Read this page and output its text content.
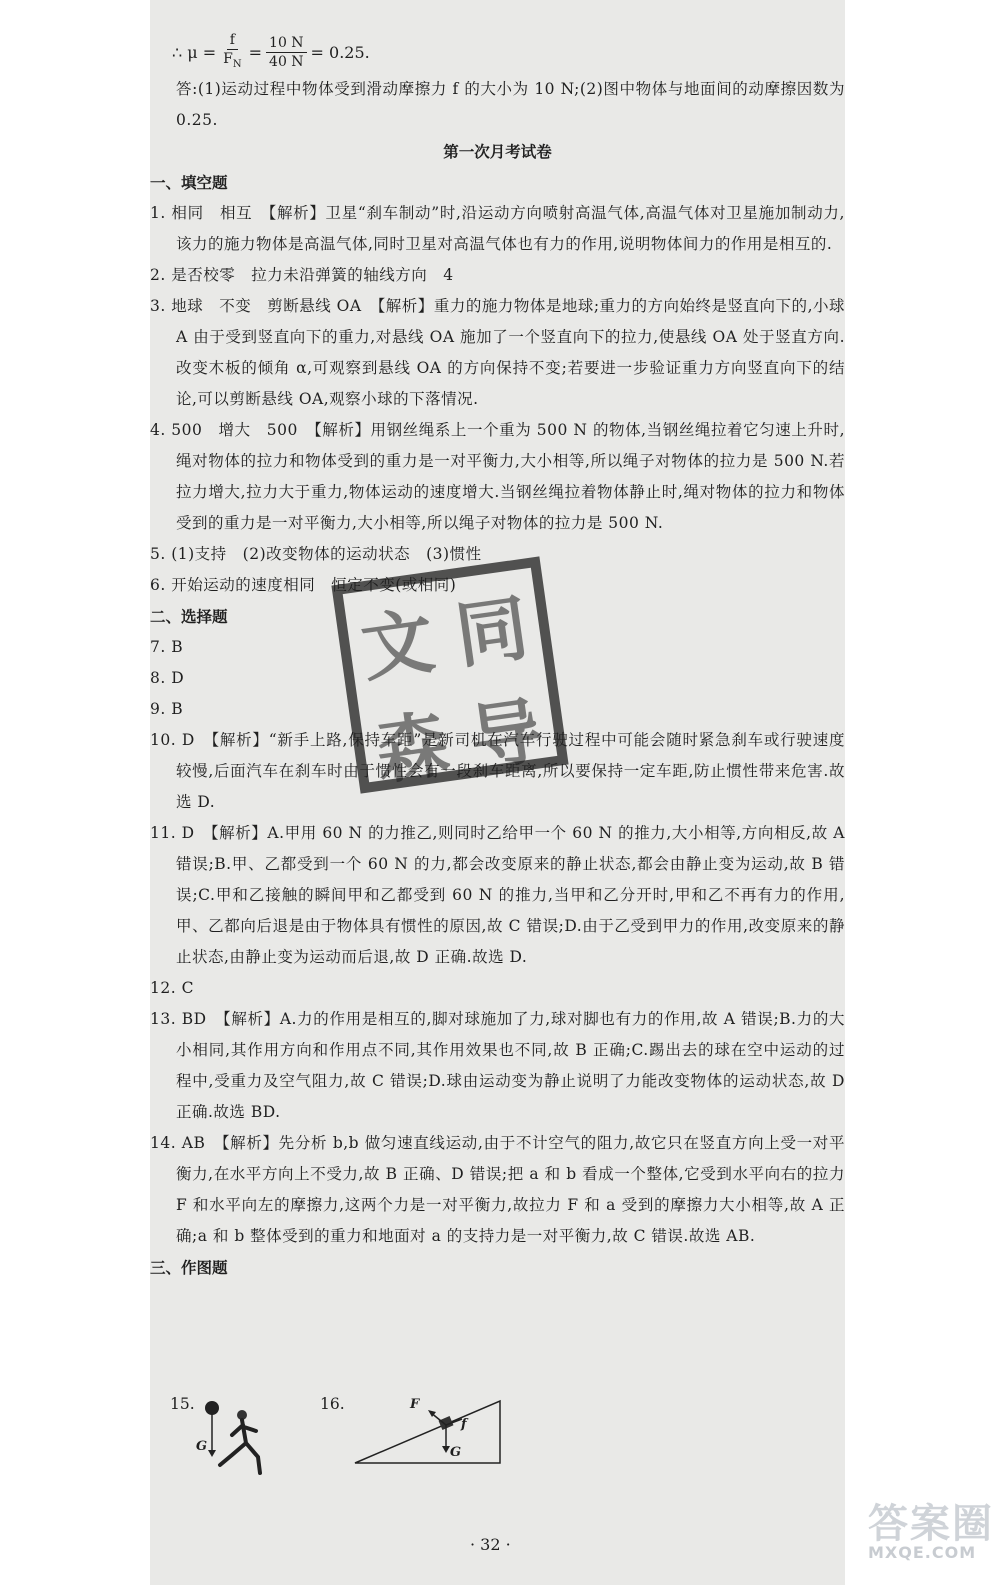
∴ $\mu = \frac{f}{F_N} = \frac{10 N}{40 N} = 0.25$.

答:(1)运动过程中物体受到滑动摩擦力 f 的大小为 10 N;(2)图中物体与地面间的动摩擦因数为 0.25.

第一次月考试卷
一、填空题

1. 相同　相互　【解析】卫星“刹车制动”时,沿运动方向喷射高温气体,高温气体对卫星施加制动力,该力的施力物体是高温气体,同时卫星对高温气体也有力的作用,说明物体间力的作用是相互的.

2. 是否校零　拉力未沿弹簧的轴线方向　4

3. 地球　不变　剪断悬线 OA　【解析】重力的施力物体是地球;重力的方向始终是竖直向下的,小球 A 由于受到竖直向下的重力,对悬线 OA 施加了一个竖直向下的拉力,使悬线 OA 处于竖直方向.改变木板的倾角 α,可观察到悬线 OA 的方向保持不变;若要进一步验证重力方向竖直向下的结论,可以剪断悬线 OA,观察小球的下落情况.

4. 500　增大　500　【解析】用钢丝绳系上一个重为 500 N 的物体,当钢丝绳拉着它匀速上升时,绳对物体的拉力和物体受到的重力是一对平衡力,大小相等,所以绳子对物体的拉力是 500 N.若拉力增大,拉力大于重力,物体运动的速度增大.当钢丝绳拉着物体静止时,绳对物体的拉力和物体受到的重力是一对平衡力,大小相等,所以绳子对物体的拉力是 500 N.

5. (1)支持　(2)改变物体的运动状态　(3)惯性

6. 开始运动的速度相同　恒定不变(或相同)

二、选择题

7. B

8. D

9. B

10. D　【解析】“新手上路,保持车距”是新司机在汽车行驶过程中可能会随时紧急刹车或行驶速度较慢,后面汽车在刹车时由于惯性会有一段刹车距离,所以要保持一定车距,防止惯性带来危害.故选 D.

11. D　【解析】A.甲用 60 N 的力推乙,则同时乙给甲一个 60 N 的推力,大小相等,方向相反,故 A 错误;B.甲、乙都受到一个 60 N 的力,都会改变原来的静止状态,都会由静止变为运动,故 B 错误;C.甲和乙接触的瞬间甲和乙都受到 60 N 的推力,当甲和乙分开时,甲和乙不再有力的作用,甲、乙都向后退是由于物体具有惯性的原因,故 C 错误;D.由于乙受到甲力的作用,改变原来的静止状态,由静止变为运动而后退,故 D 正确.故选 D.

12. C

13. BD　【解析】A.力的作用是相互的,脚对球施加了力,球对脚也有力的作用,故 A 错误;B.力的大小相同,其作用方向和作用点不同,其作用效果也不同,故 B 正确;C.踢出去的球在空中运动的过程中,受重力及空气阻力,故 C 错误;D.球由运动变为静止说明了力能改变物体的运动状态,故 D 正确.故选 BD.

14. AB　【解析】先分析 b,b 做匀速直线运动,由于不计空气的阻力,故它只在竖直方向上受一对平衡力,在水平方向上不受力,故 B 正确、D 错误;把 a 和 b 看成一个整体,它受到水平向右的拉力 F 和水平向左的摩擦力,这两个力是一对平衡力,故拉力 F 和 a 受到的摩擦力大小相等,故 A 正确;a 和 b 整体受到的重力和地面对 a 的支持力是一对平衡力,故 C 错误.故选 AB.

三、作图题
文 同
森 导
15.
G
16.	F
f
G
· 32 ·	答案圈
MXQE.COM
